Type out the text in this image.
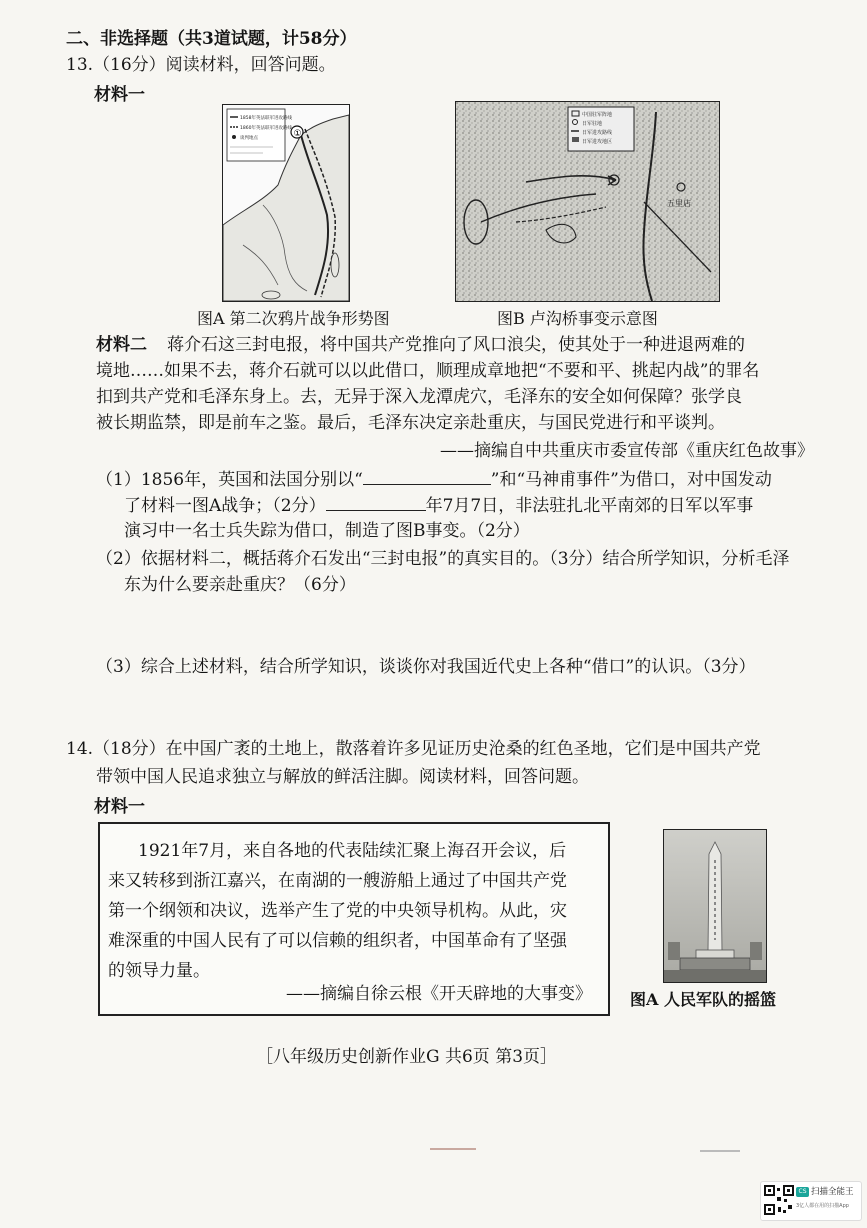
二、非选择题（共3道试题，计58分）
13.（16分）阅读材料，回答问题。
材料一
①
1858年英法联军进攻路线
1860年英法联军进攻路线
谈判地点
图A 第二次鸦片战争形势图
中国驻军阵地
日军驻地
日军进攻路线
日军进攻地区
五里店
图B 卢沟桥事变示意图
材料二 蒋介石这三封电报，将中国共产党推向了风口浪尖，使其处于一种进退两难的
境地……如果不去，蒋介石就可以以此借口，顺理成章地把“不要和平、挑起内战”的罪名
扣到共产党和毛泽东身上。去，无异于深入龙潭虎穴，毛泽东的安全如何保障？张学良
被长期监禁，即是前车之鉴。最后，毛泽东决定亲赴重庆，与国民党进行和平谈判。
——摘编自中共重庆市委宣传部《重庆红色故事》
（1）1856年，英国和法国分别以“	”和“马神甫事件”为借口，对中国发动
了材料一图A战争；（2分）	年7月7日，非法驻扎北平南郊的日军以军事
演习中一名士兵失踪为借口，制造了图B事变。（2分）
（2）依据材料二，概括蒋介石发出“三封电报”的真实目的。（3分）结合所学知识，分析毛泽
东为什么要亲赴重庆？（6分）
（3）综合上述材料，结合所学知识，谈谈你对我国近代史上各种“借口”的认识。（3分）
14.（18分）在中国广袤的土地上，散落着许多见证历史沧桑的红色圣地，它们是中国共产党
带领中国人民追求独立与解放的鲜活注脚。阅读材料，回答问题。
材料一
1921年7月，来自各地的代表陆续汇聚上海召开会议，后
来又转移到浙江嘉兴，在南湖的一艘游船上通过了中国共产党
第一个纲领和决议，选举产生了党的中央领导机构。从此，灾
难深重的中国人民有了可以信赖的组织者，中国革命有了坚强
的领导力量。
——摘编自徐云根《开天辟地的大事变》 图A 人民军队的摇篮
［八年级历史创新作业G 共6页 第3页］
CS 扫描全能王
3亿人都在用的扫描App
